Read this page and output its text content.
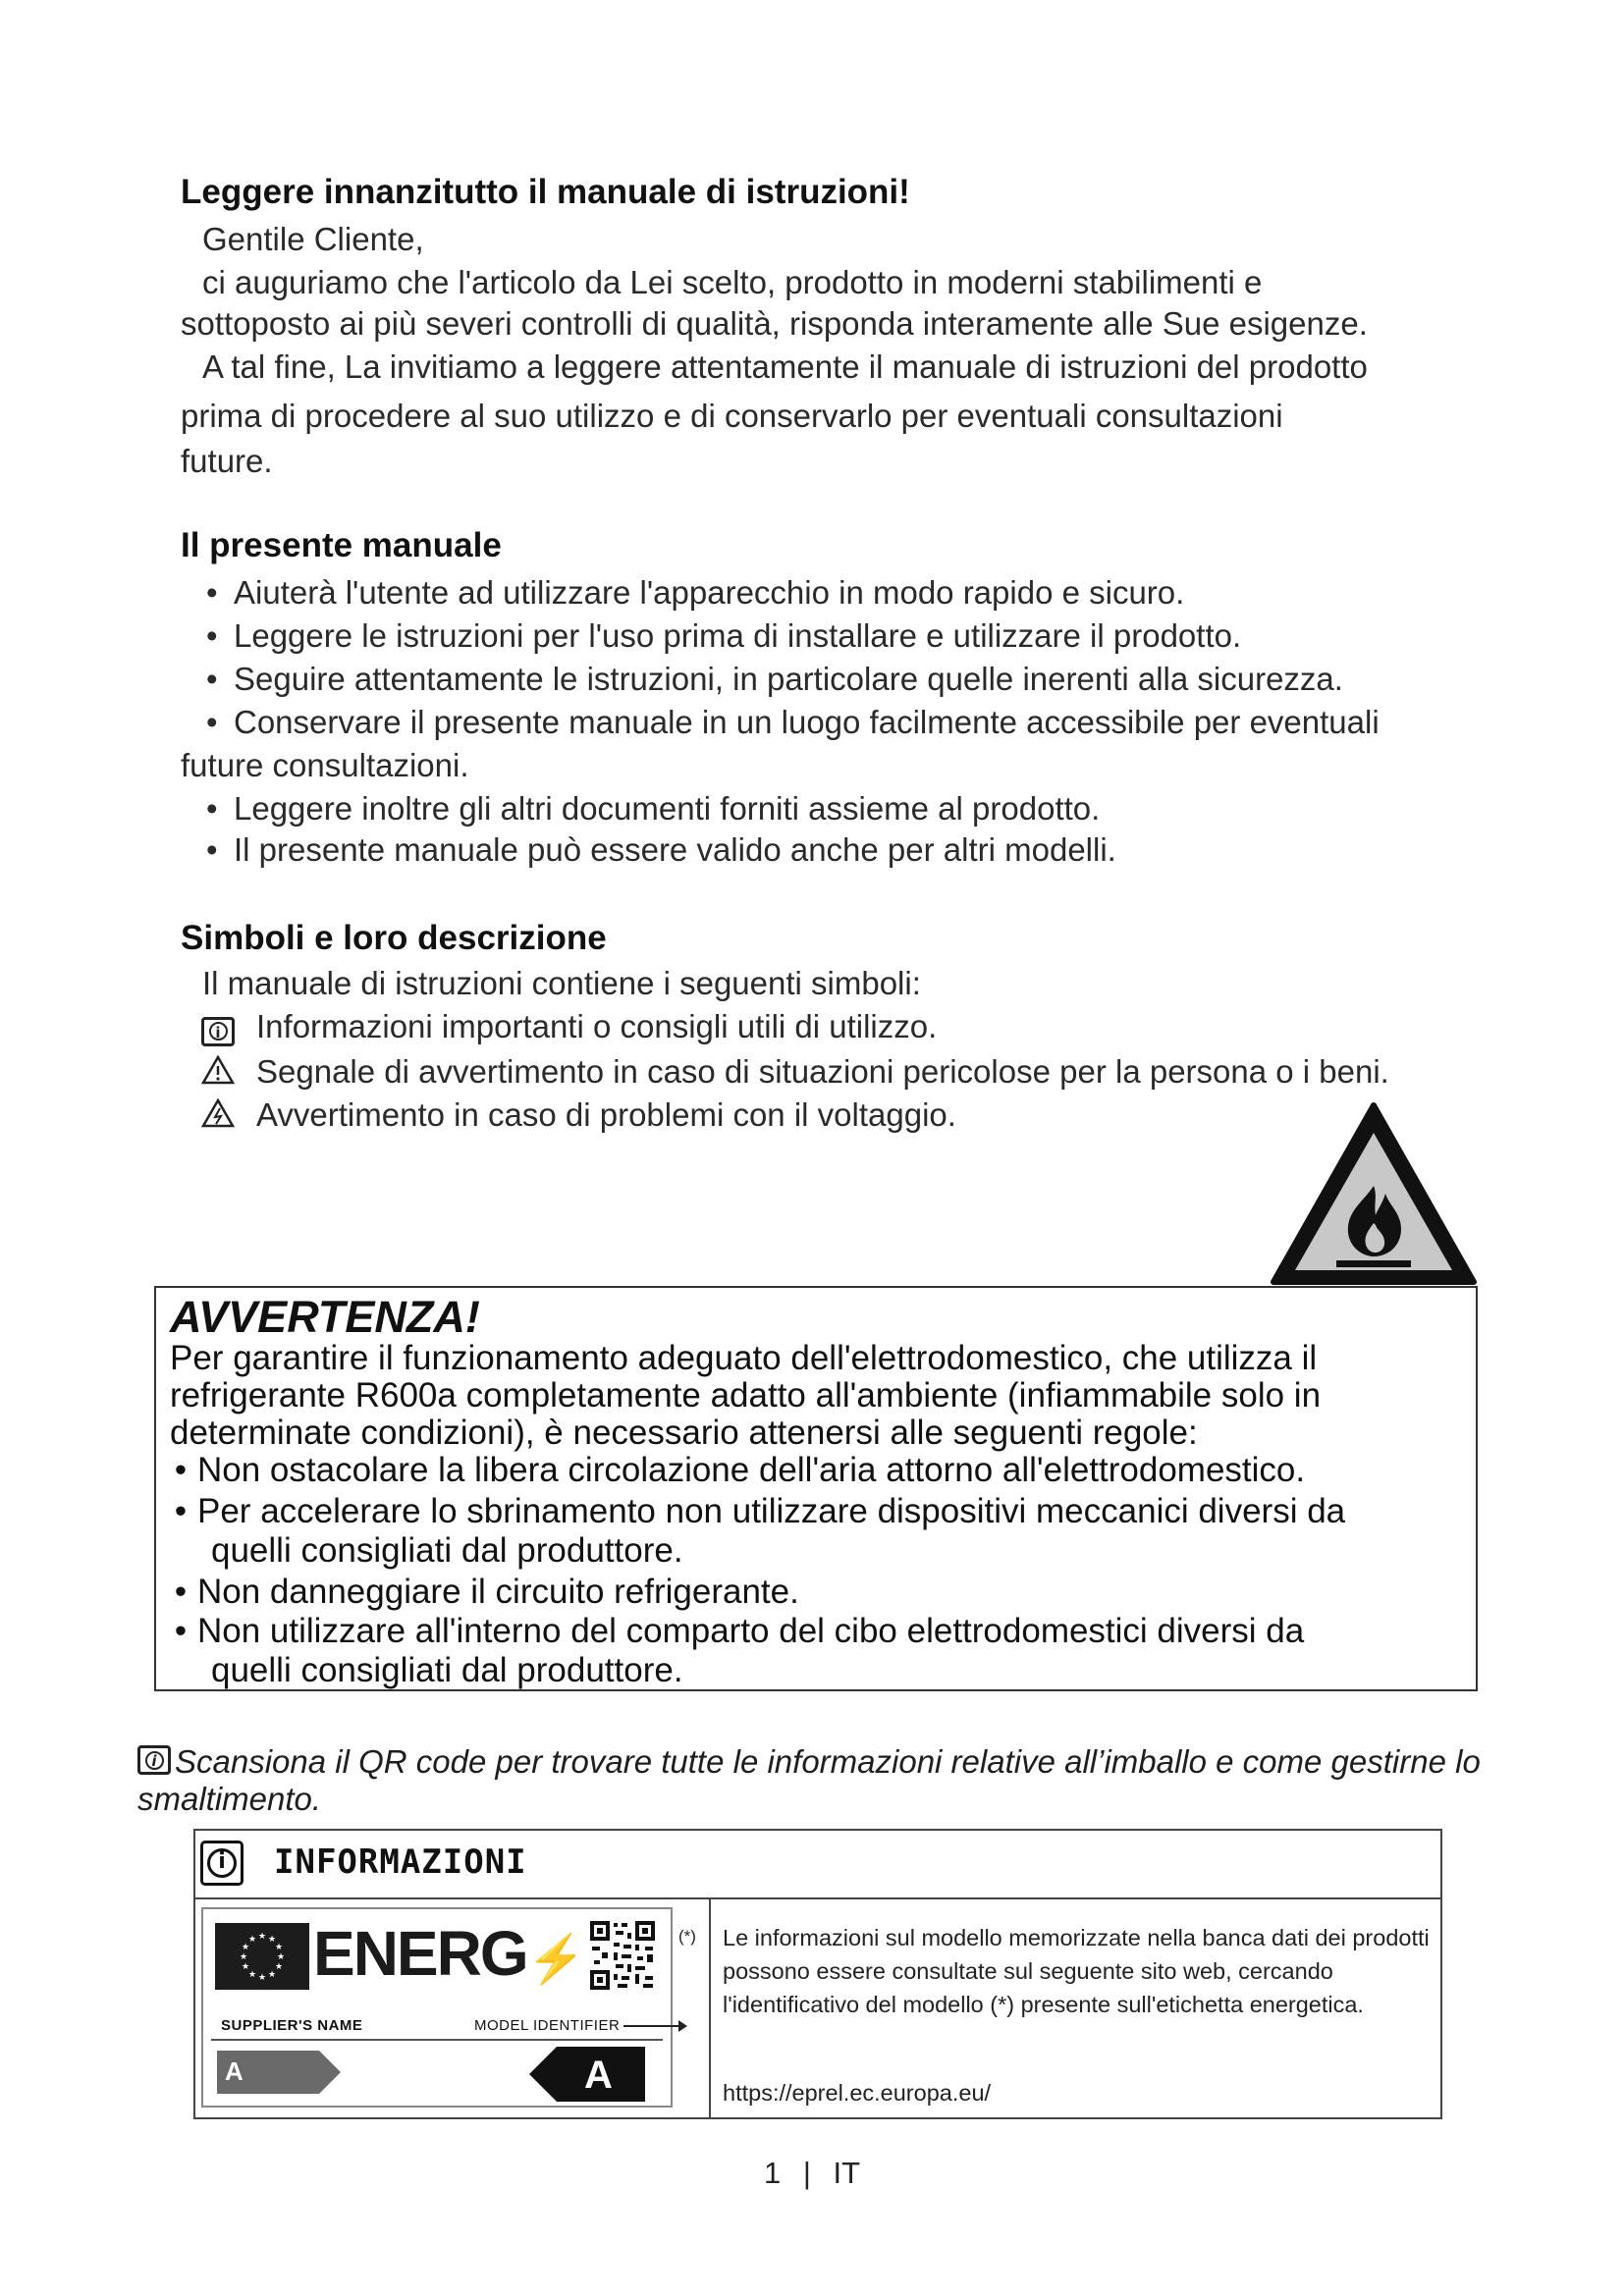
Leggere innanzitutto il manuale di istruzioni!

Gentile Cliente,

ci auguriamo che l'articolo da Lei scelto, prodotto in moderni stabilimenti e

sottoposto ai più severi controlli di qualità, risponda interamente alle Sue esigenze.

A tal fine, La invitiamo a leggere attentamente il manuale di istruzioni del prodotto

prima di procedere al suo utilizzo e di conservarlo per eventuali consultazioni

future.

Il presente manuale
• Aiuterà l'utente ad utilizzare l'apparecchio in modo rapido e sicuro.
• Leggere le istruzioni per l'uso prima di installare e utilizzare il prodotto.
• Seguire attentamente le istruzioni, in particolare quelle inerenti alla sicurezza.
• Conservare il presente manuale in un luogo facilmente accessibile per eventuali

future consultazioni.

• Leggere inoltre gli altri documenti forniti assieme al prodotto.
• Il presente manuale può essere valido anche per altri modelli.
Simboli e loro descrizione

Il manuale di istruzioni contiene i seguenti simboli:

iInformazioni importanti o consigli utili di utilizzo.
Segnale di avvertimento in caso di situazioni pericolose per la persona o i beni.
Avvertimento in caso di problemi con il voltaggio.
AVVERTENZA!
Per garantire il funzionamento adeguato dell'elettrodomestico, che utilizza il
refrigerante R600a completamente adatto all'ambiente (infiammabile solo in
determinate condizioni), è necessario attenersi alle seguenti regole:
• Non ostacolare la libera circolazione dell'aria attorno all'elettrodomestico.
• Per accelerare lo sbrinamento non utilizzare dispositivi meccanici diversi da
quelli consigliati dal produttore.
• Non danneggiare il circuito refrigerante.
• Non utilizzare all'interno del comparto del cibo elettrodomestici diversi da
quelli consigliati dal produttore.
iScansiona il QR code per trovare tutte le informazioni relative all’imballo e come gestirne lo smaltimento.
i
INFORMAZIONI
★ ★
★
★
★
★
★
★
★
★
★
★ ENERG⚡
SUPPLIER'S NAME	MODEL IDENTIFIER
A	A
(*) Le informazioni sul modello memorizzate nella banca dati dei prodotti possono essere consultate sul seguente sito web, cercando l'identificativo del modello (*) presente sull'etichetta energetica.
https://eprel.ec.europa.eu/
1 | IT
